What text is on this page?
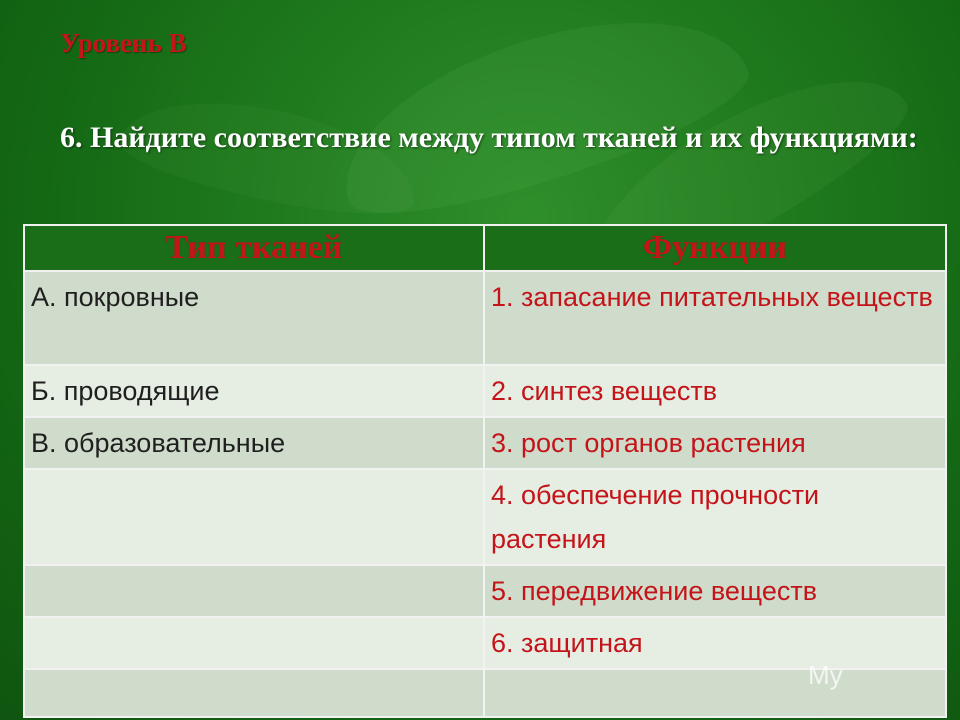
Уровень В
6. Найдите соответствие между типом тканей и их функциями:
Тип тканей	Функции
А. покровные	1. запасание питательных веществ
Б. проводящие	2. синтез веществ
В. образовательные	3. рост органов растения
	4. обеспечение прочности растения
	5. передвижение веществ
	6. защитная

My
